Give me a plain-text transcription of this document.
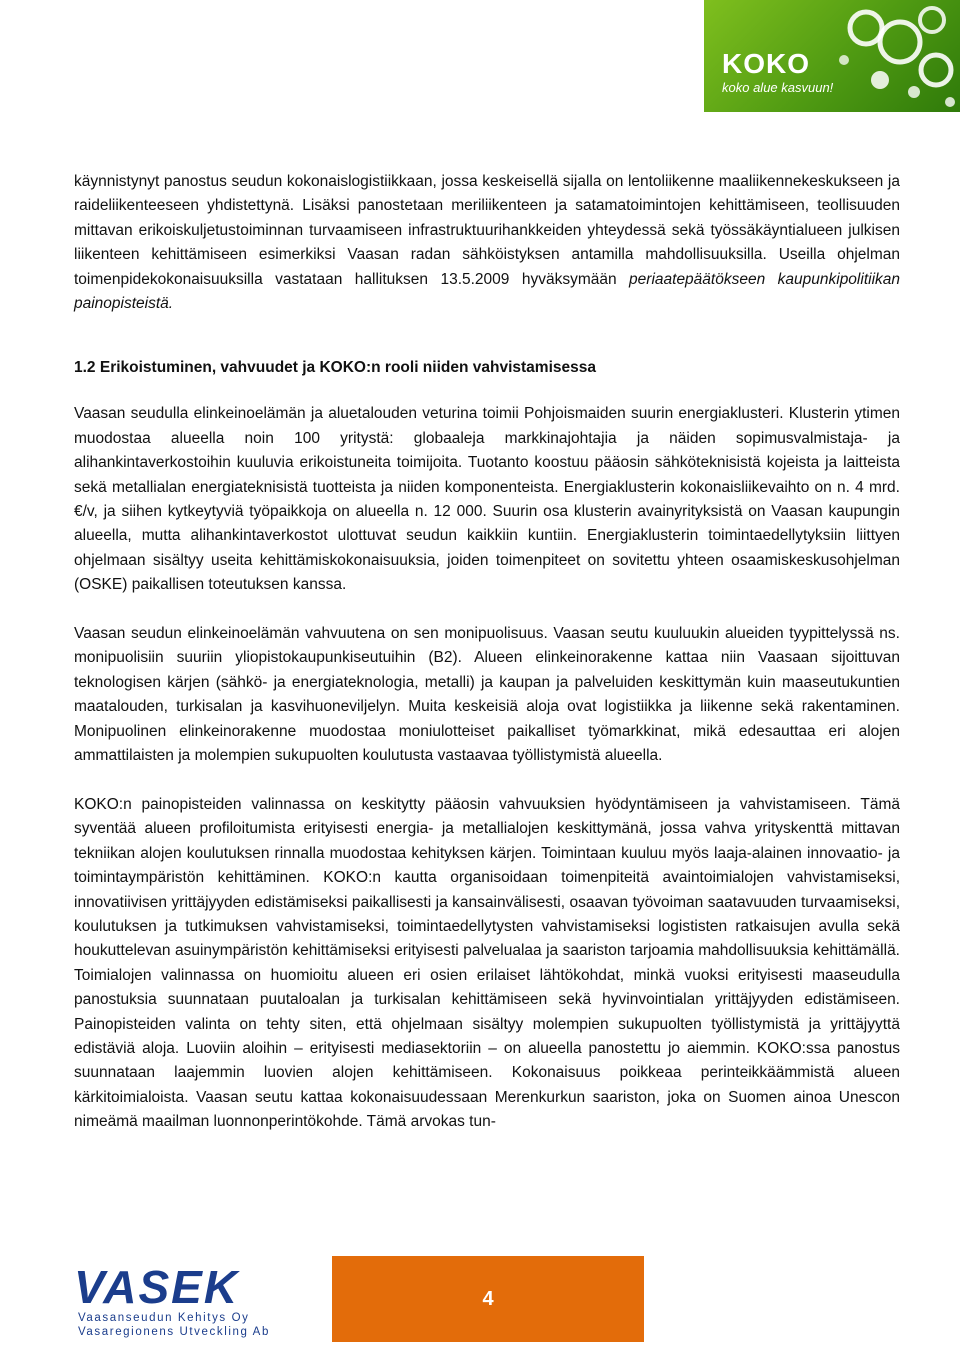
KOKO
koko alue kasvuun!

käynnistynyt panostus seudun kokonaislogistiikkaan, jossa keskeisellä sijalla on lentoliikenne maaliikennekeskukseen ja raideliikenteeseen yhdistettynä. Lisäksi panostetaan meriliikenteen ja satamatoimintojen kehittämiseen, teollisuuden mittavan erikoiskuljetustoiminnan turvaamiseen infrastruktuurihankkeiden yhteydessä sekä työssäkäyntialueen julkisen liikenteen kehittämiseen esimerkiksi Vaasan radan sähköistyksen antamilla mahdollisuuksilla. Useilla ohjelman toimenpidekokonaisuuksilla vastataan hallituksen 13.5.2009 hyväksymään periaatepäätökseen kaupunkipolitiikan painopisteistä.

1.2 Erikoistuminen, vahvuudet ja KOKO:n rooli niiden vahvistamisessa

Vaasan seudulla elinkeinoelämän ja aluetalouden veturina toimii Pohjoismaiden suurin energiaklusteri. Klusterin ytimen muodostaa alueella noin 100 yritystä: globaaleja markkinajohtajia ja näiden sopimusvalmistaja- ja alihankintaverkostoihin kuuluvia erikoistuneita toimijoita. Tuotanto koostuu pääosin sähköteknisistä kojeista ja laitteista sekä metallialan energiateknisistä tuotteista ja niiden komponenteista. Energiaklusterin kokonaisliikevaihto on n. 4 mrd. €/v, ja siihen kytkeytyviä työpaikkoja on alueella n. 12 000. Suurin osa klusterin avainyrityksistä on Vaasan kaupungin alueella, mutta alihankintaverkostot ulottuvat seudun kaikkiin kuntiin. Energiaklusterin toimintaedellytyksiin liittyen ohjelmaan sisältyy useita kehittämiskokonaisuuksia, joiden toimenpiteet on sovitettu yhteen osaamiskeskusohjelman (OSKE) paikallisen toteutuksen kanssa.

Vaasan seudun elinkeinoelämän vahvuutena on sen monipuolisuus. Vaasan seutu kuuluukin alueiden tyypittelyssä ns. monipuolisiin suuriin yliopistokaupunkiseutuihin (B2). Alueen elinkeinorakenne kattaa niin Vaasaan sijoittuvan teknologisen kärjen (sähkö- ja energiateknologia, metalli) ja kaupan ja palveluiden keskittymän kuin maaseutukuntien maatalouden, turkisalan ja kasvihuoneviljelyn. Muita keskeisiä aloja ovat logistiikka ja liikenne sekä rakentaminen. Monipuolinen elinkeinorakenne muodostaa moniulotteiset paikalliset työmarkkinat, mikä edesauttaa eri alojen ammattilaisten ja molempien sukupuolten koulutusta vastaavaa työllistymistä alueella.

KOKO:n painopisteiden valinnassa on keskitytty pääosin vahvuuksien hyödyntämiseen ja vahvistamiseen. Tämä syventää alueen profiloitumista erityisesti energia- ja metallialojen keskittymänä, jossa vahva yrityskenttä mittavan tekniikan alojen koulutuksen rinnalla muodostaa kehityksen kärjen. Toimintaan kuuluu myös laaja-alainen innovaatio- ja toimintaympäristön kehittäminen. KOKO:n kautta organisoidaan toimenpiteitä avaintoimialojen vahvistamiseksi, innovatiivisen yrittäjyyden edistämiseksi paikallisesti ja kansainvälisesti, osaavan työvoiman saatavuuden turvaamiseksi, koulutuksen ja tutkimuksen vahvistamiseksi, toimintaedellytysten vahvistamiseksi logististen ratkaisujen avulla sekä houkuttelevan asuinympäristön kehittämiseksi erityisesti palvelualaa ja saariston tarjoamia mahdollisuuksia kehittämällä. Toimialojen valinnassa on huomioitu alueen eri osien erilaiset lähtökohdat, minkä vuoksi erityisesti maaseudulla panostuksia suunnataan puutaloalan ja turkisalan kehittämiseen sekä hyvinvointialan yrittäjyyden edistämiseen. Painopisteiden valinta on tehty siten, että ohjelmaan sisältyy molempien sukupuolten työllistymistä ja yrittäjyyttä edistäviä aloja. Luoviin aloihin – erityisesti mediasektoriin – on alueella panostettu jo aiemmin. KOKO:ssa panostus suunnataan laajemmin luovien alojen kehittämiseen. Kokonaisuus poikkeaa perinteikkäämmistä alueen kärkitoimialoista. Vaasan seutu kattaa kokonaisuudessaan Merenkurkun saariston, joka on Suomen ainoa Unescon nimeämä maailman luonnonperintökohde. Tämä arvokas tun-

VASEK
Vaasanseudun Kehitys Oy
Vasaregionens Utveckling Ab
4
